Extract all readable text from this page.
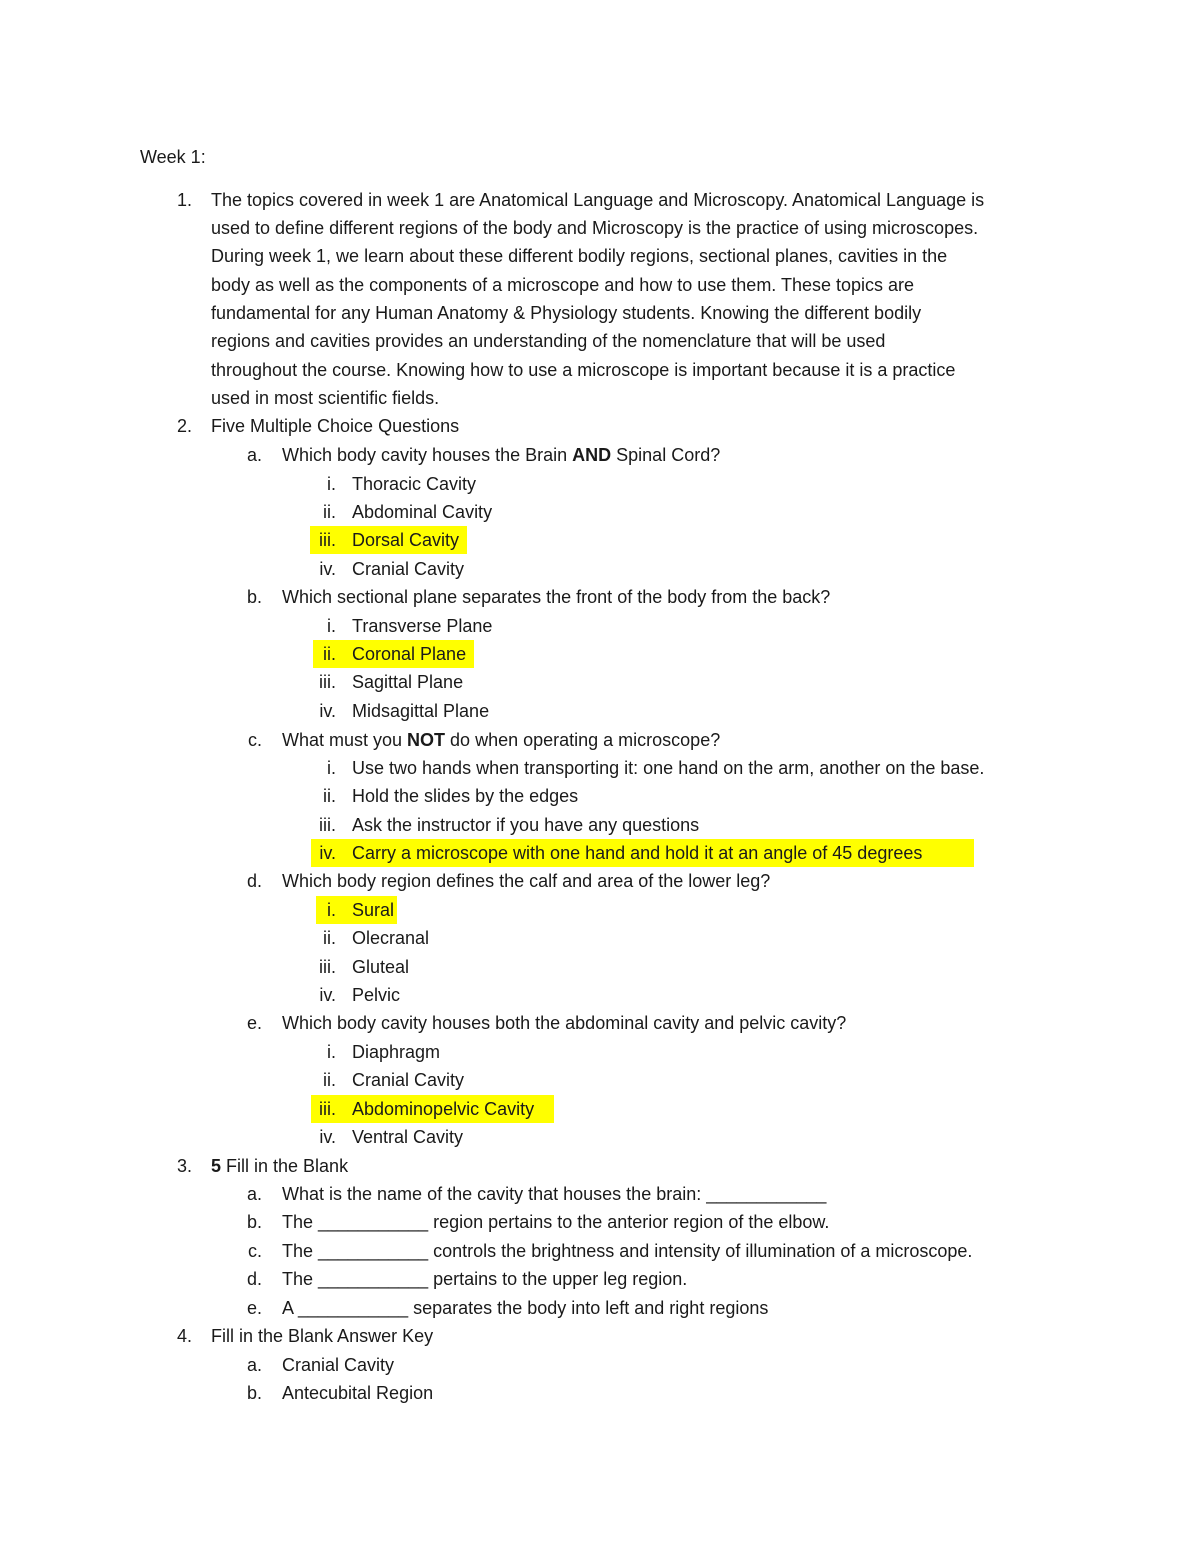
Week 1:
1. The topics covered in week 1 are Anatomical Language and Microscopy. Anatomical Language is
used to define different regions of the body and Microscopy is the practice of using microscopes.
During week 1, we learn about these different bodily regions, sectional planes, cavities in the
body as well as the components of a microscope and how to use them. These topics are
fundamental for any Human Anatomy & Physiology students. Knowing the different bodily
regions and cavities provides an understanding of the nomenclature that will be used
throughout the course. Knowing how to use a microscope is important because it is a practice
used in most scientific fields.
2. Five Multiple Choice Questions
a. Which body cavity houses the Brain AND Spinal Cord?
i. Thoracic Cavity
ii. Abdominal Cavity
iii. Dorsal Cavity
iv. Cranial Cavity
b. Which sectional plane separates the front of the body from the back?
i. Transverse Plane
ii. Coronal Plane
iii. Sagittal Plane
iv. Midsagittal Plane
c. What must you NOT do when operating a microscope?
i. Use two hands when transporting it: one hand on the arm, another on the base.
ii. Hold the slides by the edges
iii. Ask the instructor if you have any questions
iv. Carry a microscope with one hand and hold it at an angle of 45 degrees
d. Which body region defines the calf and area of the lower leg?
i. Sural
ii. Olecranal
iii. Gluteal
iv. Pelvic
e. Which body cavity houses both the abdominal cavity and pelvic cavity?
i. Diaphragm
ii. Cranial Cavity
iii. Abdominopelvic Cavity
iv. Ventral Cavity
3. 5 Fill in the Blank
a. What is the name of the cavity that houses the brain: ____________
b. The ___________ region pertains to the anterior region of the elbow.
c. The ___________ controls the brightness and intensity of illumination of a microscope.
d. The ___________ pertains to the upper leg region.
e. A ___________ separates the body into left and right regions
4. Fill in the Blank Answer Key
a. Cranial Cavity
b. Antecubital Region
